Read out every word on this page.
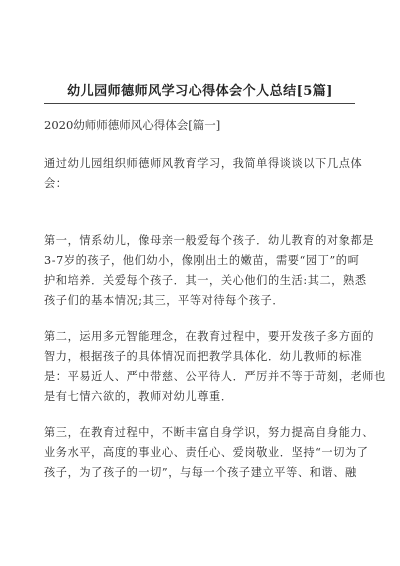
幼儿园师德师风学习心得体会个人总结[5篇]
2020幼师师德师风心得体会[篇一]

通过幼儿园组织师德师风教育学习，我简单得谈谈以下几点体
会：

第一，情系幼儿，像母亲一般爱每个孩子．幼儿教育的对象都是
3-7岁的孩子，他们幼小，像刚出土的嫩苗，需要“园丁”的呵
护和培养．关爱每个孩子．其一，关心他们的生活:其二，熟悉
孩子们的基本情况;其三，平等对待每个孩子．

第二，运用多元智能理念，在教育过程中，要开发孩子多方面的
智力，根据孩子的具体情况而把教学具体化．幼儿教师的标准
是：平易近人、严中带慈、公平待人．严厉并不等于苛刻，老师也
是有七情六欲的，教师对幼儿尊重．

第三，在教育过程中，不断丰富自身学识，努力提高自身能力、
业务水平，高度的事业心、责任心、爱岗敬业．坚持“一切为了
孩子，为了孩子的一切”，与每一个孩子建立平等、和谐、融
